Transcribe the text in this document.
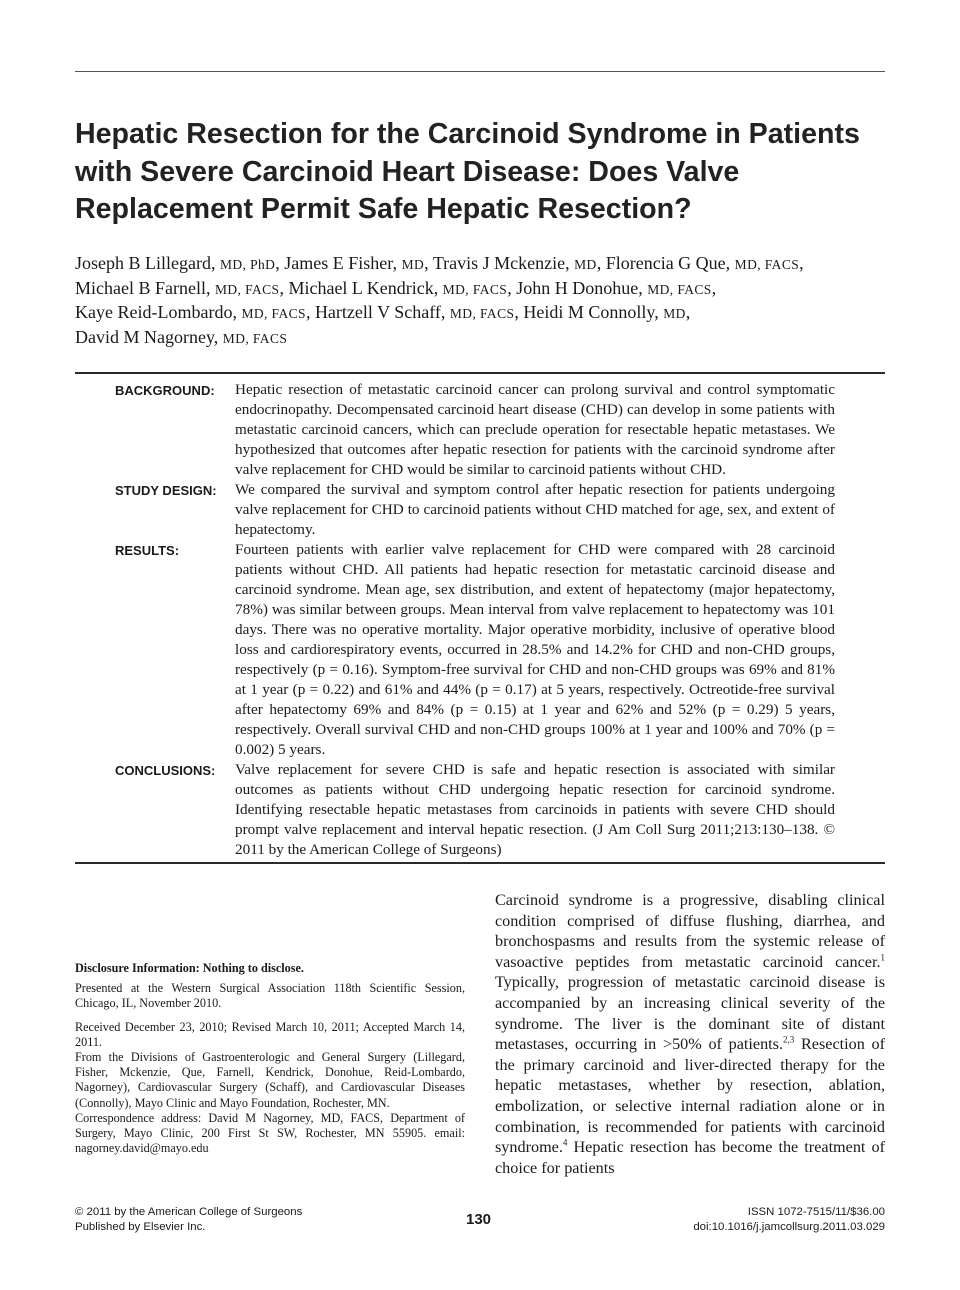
Hepatic Resection for the Carcinoid Syndrome in Patients with Severe Carcinoid Heart Disease: Does Valve Replacement Permit Safe Hepatic Resection?
Joseph B Lillegard, MD, PhD, James E Fisher, MD, Travis J Mckenzie, MD, Florencia G Que, MD, FACS,
Michael B Farnell, MD, FACS, Michael L Kendrick, MD, FACS, John H Donohue, MD, FACS,
Kaye Reid-Lombardo, MD, FACS, Hartzell V Schaff, MD, FACS, Heidi M Connolly, MD,
David M Nagorney, MD, FACS
BACKGROUND:	Hepatic resection of metastatic carcinoid cancer can prolong survival and control symptomatic endocrinopathy. Decompensated carcinoid heart disease (CHD) can develop in some patients with metastatic carcinoid cancers, which can preclude operation for resectable hepatic metastases. We hypothesized that outcomes after hepatic resection for patients with the carcinoid syndrome after valve replacement for CHD would be similar to carcinoid patients without CHD.

STUDY DESIGN:	We compared the survival and symptom control after hepatic resection for patients undergoing valve replacement for CHD to carcinoid patients without CHD matched for age, sex, and extent of hepatectomy.

RESULTS:	Fourteen patients with earlier valve replacement for CHD were compared with 28 carcinoid patients without CHD. All patients had hepatic resection for metastatic carcinoid disease and carcinoid syndrome. Mean age, sex distribution, and extent of hepatectomy (major hepatectomy, 78%) was similar between groups. Mean interval from valve replacement to hepatectomy was 101 days. There was no operative mortality. Major operative morbidity, inclusive of operative blood loss and cardiorespiratory events, occurred in 28.5% and 14.2% for CHD and non-CHD groups, respectively (p = 0.16). Symptom-free survival for CHD and non-CHD groups was 69% and 81% at 1 year (p = 0.22) and 61% and 44% (p = 0.17) at 5 years, respectively. Octreotide-free survival after hepatectomy 69% and 84% (p = 0.15) at 1 year and 62% and 52% (p = 0.29) 5 years, respectively. Overall survival CHD and non-CHD groups 100% at 1 year and 100% and 70% (p = 0.002) 5 years.

CONCLUSIONS:	Valve replacement for severe CHD is safe and hepatic resection is associated with similar outcomes as patients without CHD undergoing hepatic resection for carcinoid syndrome. Identifying resectable hepatic metastases from carcinoids in patients with severe CHD should prompt valve replacement and interval hepatic resection. (J Am Coll Surg 2011;213:130–138. © 2011 by the American College of Surgeons)

Disclosure Information: Nothing to disclose.

Presented at the Western Surgical Association 118th Scientific Session, Chicago, IL, November 2010.

Received December 23, 2010; Revised March 10, 2011; Accepted March 14, 2011.

From the Divisions of Gastroenterologic and General Surgery (Lillegard, Fisher, Mckenzie, Que, Farnell, Kendrick, Donohue, Reid-Lombardo, Nagorney), Cardiovascular Surgery (Schaff), and Cardiovascular Diseases (Connolly), Mayo Clinic and Mayo Foundation, Rochester, MN.

Correspondence address: David M Nagorney, MD, FACS, Department of Surgery, Mayo Clinic, 200 First St SW, Rochester, MN 55905. email: nagorney.david@mayo.edu

Carcinoid syndrome is a progressive, disabling clinical condition comprised of diffuse flushing, diarrhea, and bronchospasms and results from the systemic release of vasoactive peptides from metastatic carcinoid cancer.$^1$ Typically, progression of metastatic carcinoid disease is accompanied by an increasing clinical severity of the syndrome. The liver is the dominant site of distant metastases, occurring in >50% of patients.$^{2,3}$ Resection of the primary carcinoid and liver-directed therapy for the hepatic metastases, whether by resection, ablation, embolization, or selective internal radiation alone or in combination, is recommended for patients with carcinoid syndrome.$^4$ Hepatic resection has become the treatment of choice for patients
© 2011 by the American College of Surgeons
Published by Elsevier Inc.	130	ISSN 1072-7515/11/$36.00
doi:10.1016/j.jamcollsurg.2011.03.029
